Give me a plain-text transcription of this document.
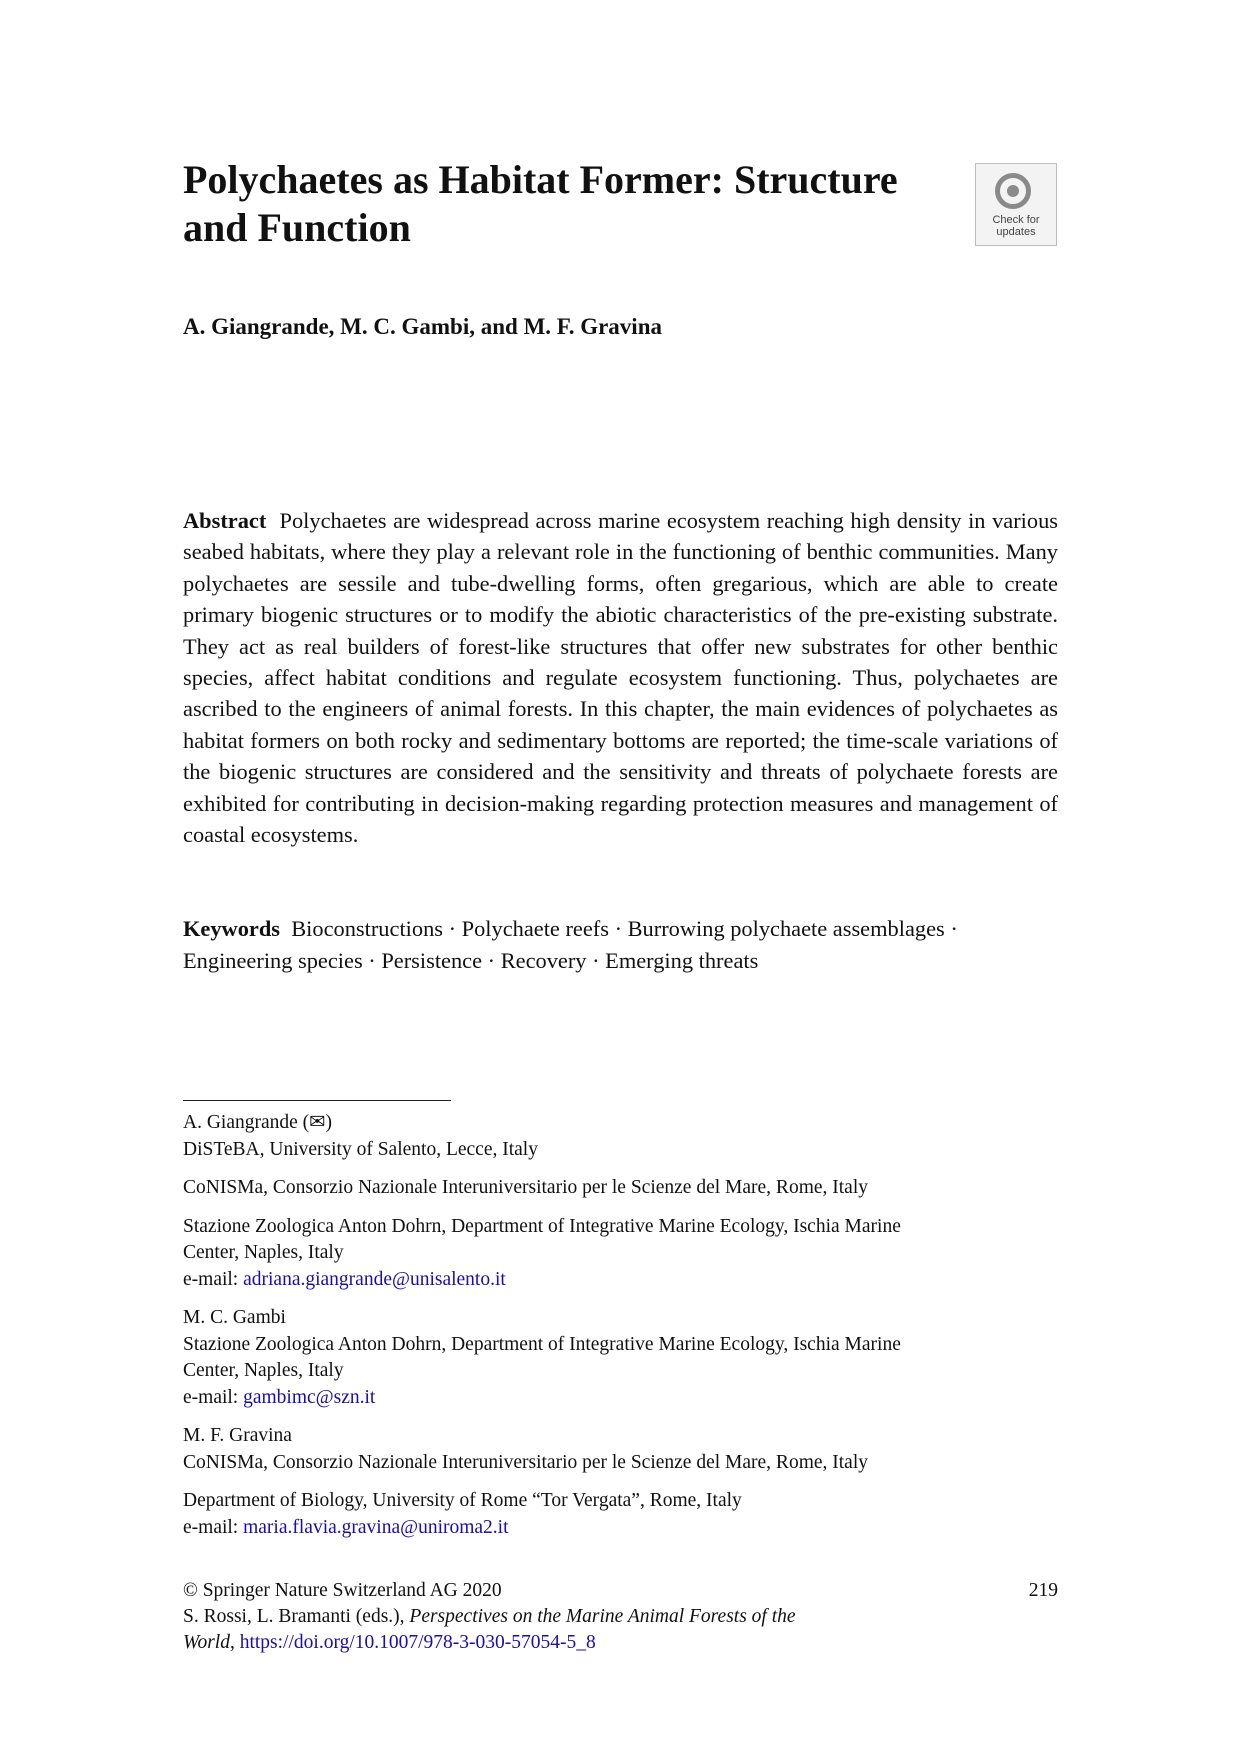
Polychaetes as Habitat Former: Structure
and Function	Check for
updates

A. Giangrande, M. C. Gambi, and M. F. Gravina

Abstract Polychaetes are widespread across marine ecosystem reaching high density in various seabed habitats, where they play a relevant role in the functioning of benthic communities. Many polychaetes are sessile and tube-dwelling forms, often gregarious, which are able to create primary biogenic structures or to modify the abiotic characteristics of the pre-existing substrate. They act as real builders of forest-like structures that offer new substrates for other benthic species, affect habitat conditions and regulate ecosystem functioning. Thus, polychaetes are ascribed to the engineers of animal forests. In this chapter, the main evidences of polychaetes as habitat formers on both rocky and sedimentary bottoms are reported; the time-scale variations of the biogenic structures are considered and the sensitivity and threats of polychaete forests are exhibited for contributing in decision-making regarding protection measures and management of coastal ecosystems.

Keywords Bioconstructions · Polychaete reefs · Burrowing polychaete assemblages · Engineering species · Persistence · Recovery · Emerging threats

A. Giangrande (✉)
DiSTeBA, University of Salento, Lecce, Italy

CoNISMa, Consorzio Nazionale Interuniversitario per le Scienze del Mare, Rome, Italy

Stazione Zoologica Anton Dohrn, Department of Integrative Marine Ecology, Ischia Marine
Center, Naples, Italy
e-mail: adriana.giangrande@unisalento.it

M. C. Gambi
Stazione Zoologica Anton Dohrn, Department of Integrative Marine Ecology, Ischia Marine
Center, Naples, Italy
e-mail: gambimc@szn.it

M. F. Gravina
CoNISMa, Consorzio Nazionale Interuniversitario per le Scienze del Mare, Rome, Italy

Department of Biology, University of Rome “Tor Vergata”, Rome, Italy
e-mail: maria.flavia.gravina@uniroma2.it

219
© Springer Nature Switzerland AG 2020
S. Rossi, L. Bramanti (eds.), Perspectives on the Marine Animal Forests of the
World, https://doi.org/10.1007/978-3-030-57054-5_8
